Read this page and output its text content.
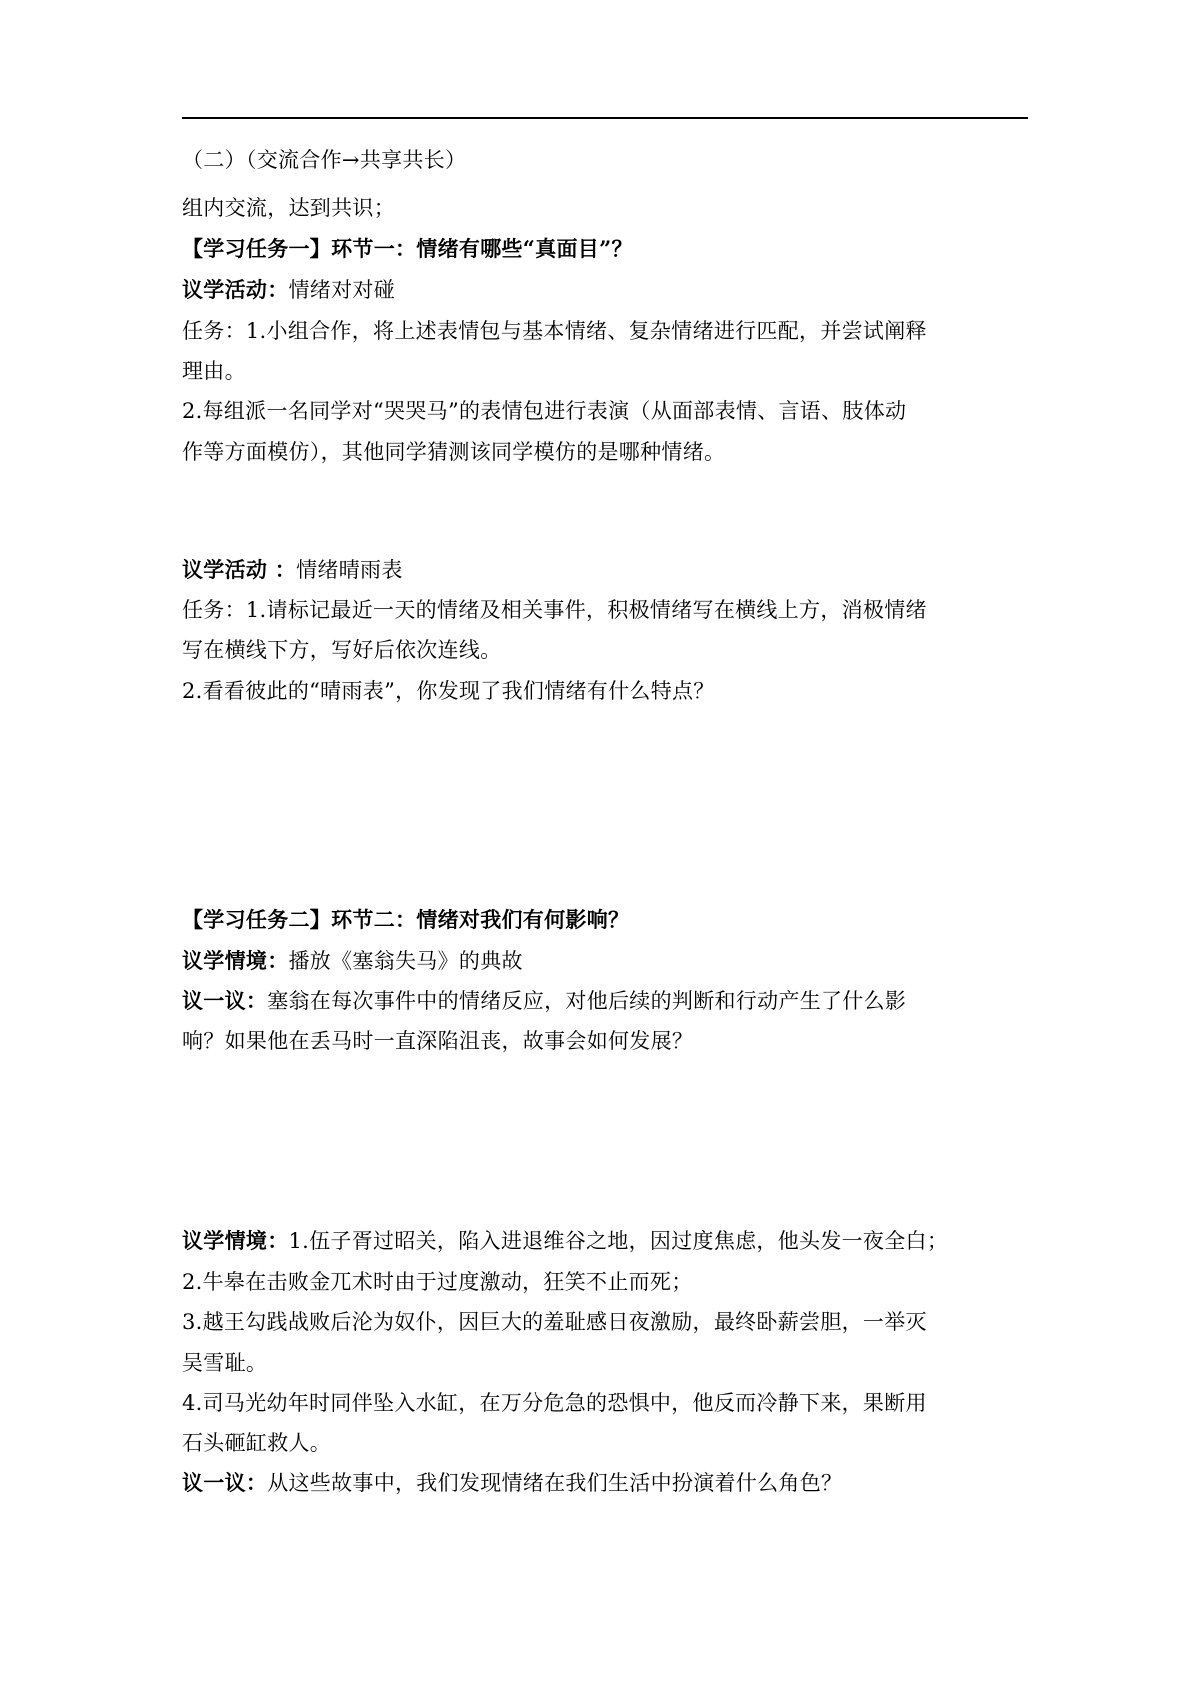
（二）（交流合作→共享共长）
组内交流，达到共识；
【学习任务一】环节一：情绪有哪些“真面目”？
议学活动：情绪对对碰
任务：1.小组合作，将上述表情包与基本情绪、复杂情绪进行匹配，并尝试阐释
理由。
2.每组派一名同学对“哭哭马”的表情包进行表演（从面部表情、言语、肢体动
作等方面模仿），其他同学猜测该同学模仿的是哪种情绪。
议学活动 ：情绪晴雨表
任务：1.请标记最近一天的情绪及相关事件，积极情绪写在横线上方，消极情绪
写在横线下方，写好后依次连线。
2.看看彼此的“晴雨表”，你发现了我们情绪有什么特点？
【学习任务二】环节二：情绪对我们有何影响？
议学情境：播放《塞翁失马》的典故
议一议：塞翁在每次事件中的情绪反应，对他后续的判断和行动产生了什么影
响？如果他在丢马时一直深陷沮丧，故事会如何发展？
议学情境：1.伍子胥过昭关，陷入进退维谷之地，因过度焦虑，他头发一夜全白；
2.牛皋在击败金兀术时由于过度激动，狂笑不止而死；
3.越王勾践战败后沦为奴仆，因巨大的羞耻感日夜激励，最终卧薪尝胆，一举灭
吴雪耻。
4.司马光幼年时同伴坠入水缸，在万分危急的恐惧中，他反而冷静下来，果断用
石头砸缸救人。
议一议：从这些故事中，我们发现情绪在我们生活中扮演着什么角色？
